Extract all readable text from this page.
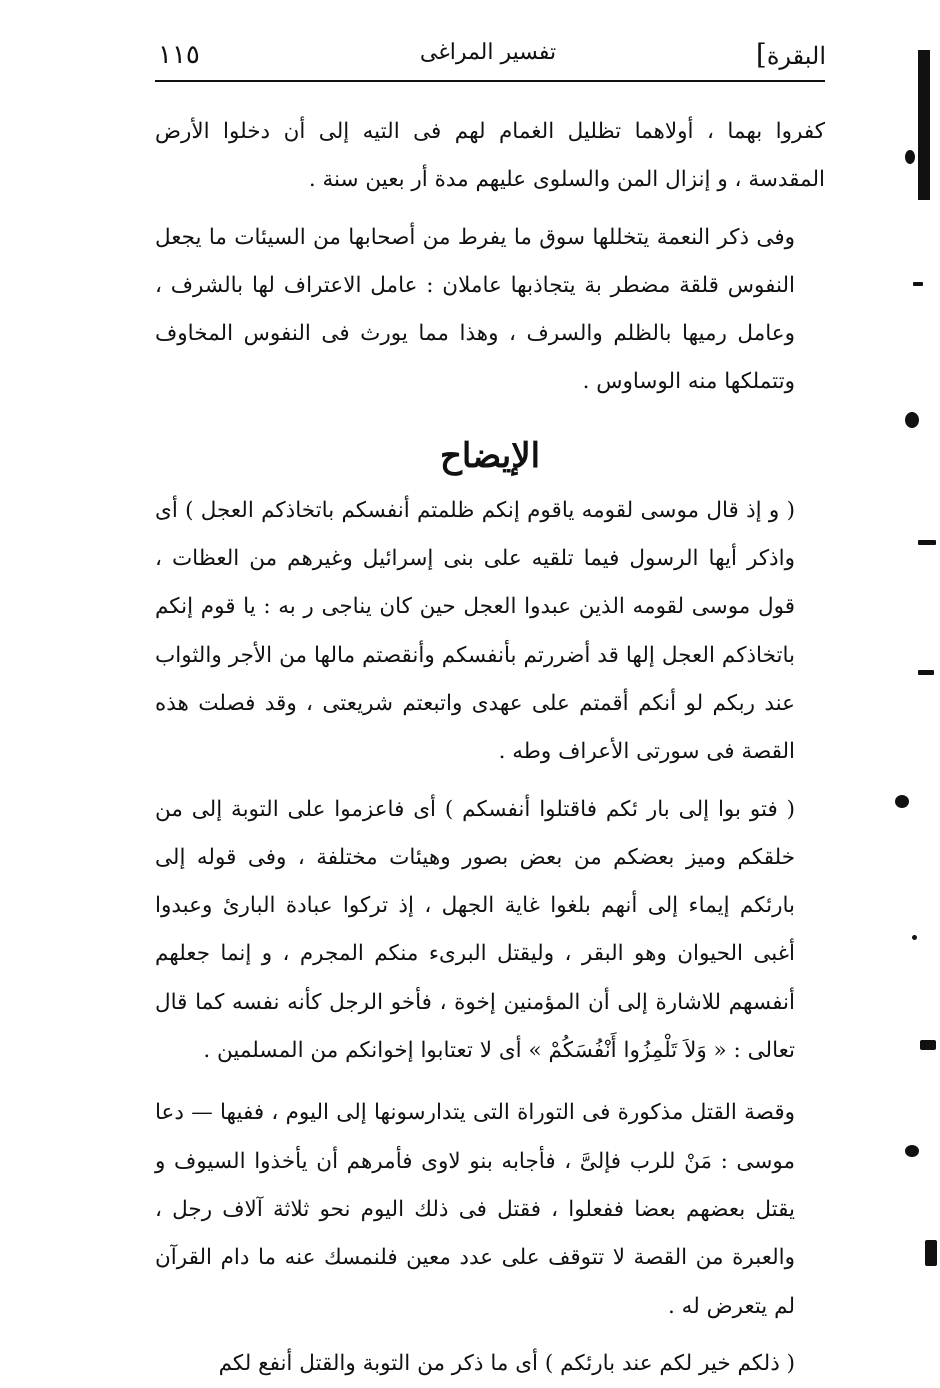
البقرة]
تفسير المراغى
١١٥

كفروا بهما ، أولاهما تظليل الغمام لهم فى التيه إلى أن دخلوا الأرض المقدسة ، و إنزال المن والسلوى عليهم مدة أر بعين سنة .

وفى ذكر النعمة يتخللها سوق ما يفرط من أصحابها من السيئات ما يجعل النفوس قلقة مضطر بة يتجاذبها عاملان : عامل الاعتراف لها بالشرف ، وعامل رميها بالظلم والسرف ، وهذا مما يورث فى النفوس المخاوف وتتملكها منه الوساوس .

الإيضاح

( و إذ قال موسى لقومه ياقوم إنكم ظلمتم أنفسكم باتخاذكم العجل ) أى واذكر أيها الرسول فيما تلقيه على بنى إسرائيل وغيرهم من العظات ، قول موسى لقومه الذين عبدوا العجل حين كان يناجى ر به : يا قوم إنكم باتخاذكم العجل إلها قد أضررتم بأنفسكم وأنقصتم مالها من الأجر والثواب عند ربكم لو أنكم أقمتم على عهدى واتبعتم شريعتى ، وقد فصلت هذه القصة فى سورتى الأعراف وطه .

( فتو بوا إلى بار ئكم فاقتلوا أنفسكم ) أى فاعزموا على التوبة إلى من خلقكم وميز بعضكم من بعض بصور وهيئات مختلفة ، وفى قوله إلى بارئكم إيماء إلى أنهم بلغوا غاية الجهل ، إذ تركوا عبادة البارئ وعبدوا أغبى الحيوان وهو البقر ، وليقتل البرىء منكم المجرم ، و إنما جعلهم أنفسهم للاشارة إلى أن المؤمنين إخوة ، فأخو الرجل كأنه نفسه كما قال تعالى : « وَلاَ تَلْمِزُوا أَنْفُسَكُمْ » أى لا تعتابوا إخوانكم من المسلمين .

وقصة القتل مذكورة فى التوراة التى يتدارسونها إلى اليوم ، ففيها — دعا موسى : مَنْ للرب فإلىَّ ، فأجابه بنو لاوى فأمرهم أن يأخذوا السيوف و يقتل بعضهم بعضا ففعلوا ، فقتل فى ذلك اليوم نحو ثلاثة آلاف رجل ، والعبرة من القصة لا تتوقف على عدد معين فلنمسك عنه ما دام القرآن لم يتعرض له .

( ذلكم خير لكم عند بارئكم ) أى ما ذكر من التوبة والقتل أنفع لكم
